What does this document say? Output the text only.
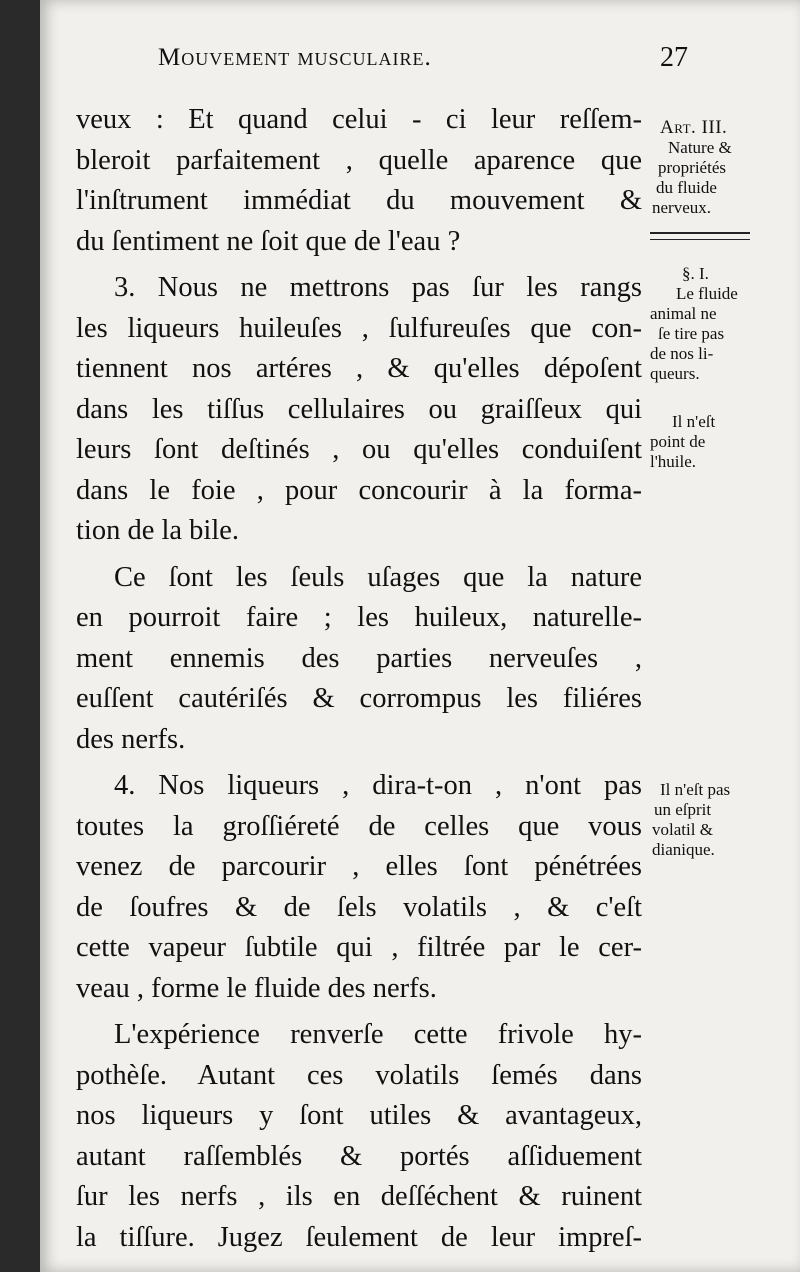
Mouvement musculaire.	27
veux : Et quand celui - ci leur reſſem-
bleroit parfaitement , quelle aparence que
l'inſtrument immédiat du mouvement &
du ſentiment ne ſoit que de l'eau ?
3. Nous ne mettrons pas ſur les rangs
les liqueurs huileuſes , ſulfureuſes que con-
tiennent nos artéres , & qu'elles dépoſent
dans les tiſſus cellulaires ou graiſſeux qui
leurs ſont deſtinés , ou qu'elles conduiſent
dans le foie , pour concourir à la forma-
tion de la bile.
Ce ſont les ſeuls uſages que la nature
en pourroit faire ; les huileux, naturelle-
ment ennemis des parties nerveuſes ,
euſſent cautériſés & corrompus les filiéres
des nerfs.
4. Nos liqueurs , dira-t-on , n'ont pas
toutes la groſſiéreté de celles que vous
venez de parcourir , elles ſont pénétrées
de ſoufres & de ſels volatils , & c'eſt
cette vapeur ſubtile qui , filtrée par le cer-
veau , forme le fluide des nerfs.
L'expérience renverſe cette frivole hy-
pothèſe. Autant ces volatils ſemés dans
nos liqueurs y ſont utiles & avantageux,
autant raſſemblés & portés aſſiduement
ſur les nerfs , ils en deſſéchent & ruinent
la tiſſure. Jugez ſeulement de leur impreſ-
Art. III.
Nature &
propriétés
du fluide
nerveux.
§. I.
Le fluide
animal ne
ſe tire pas
de nos li-
queurs.
Il n'eſt
point de
l'huile.
Il n'eſt pas
un eſprit
volatil &
dianique.
